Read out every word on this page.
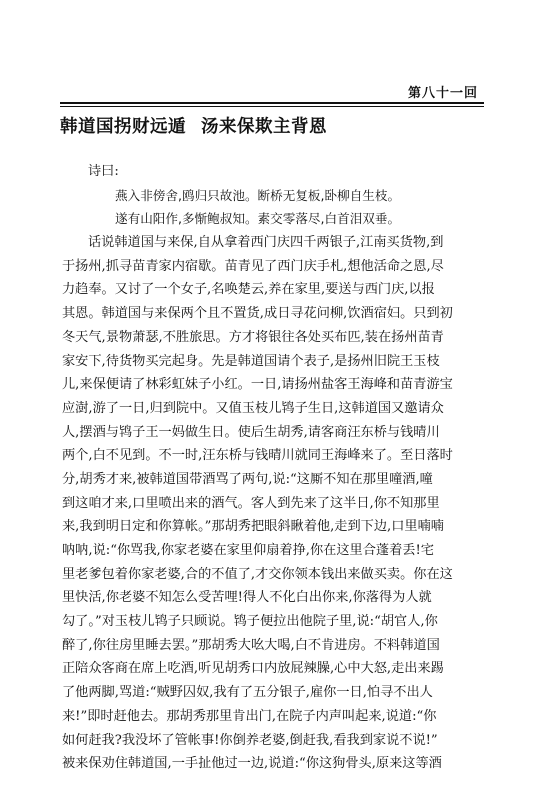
第八十一回
韩道国拐财远遁 汤来保欺主背恩
诗曰:
燕入非傍舍,鸥归只故池。断桥无复板,卧柳自生枝。
遂有山阳作,多惭鲍叔知。素交零落尽,白首泪双垂。
话说韩道国与来保,自从拿着西门庆四千两银子,江南买货物,到
于扬州,抓寻苗青家内宿歇。苗青见了西门庆手札,想他活命之恩,尽
力趋奉。又讨了一个女子,名唤楚云,养在家里,要送与西门庆,以报
其恩。韩道国与来保两个且不置货,成日寻花问柳,饮酒宿妇。只到初
冬天气,景物萧瑟,不胜旅思。方才将银往各处买布匹,装在扬州苗青
家安下,待货物买完起身。先是韩道国请个表子,是扬州旧院王玉枝
儿,来保便请了林彩虹妹子小红。一日,请扬州盐客王海峰和苗青游宝
应澍,游了一日,归到院中。又值玉枝儿鸨子生日,这韩道国又邀请众
人,摆酒与鸨子王一妈做生日。使后生胡秀,请客商汪东桥与钱晴川
两个,白不见到。不一时,汪东桥与钱晴川就同王海峰来了。至日落时
分,胡秀才来,被韩道国带酒骂了两句,说:“这厮不知在那里噇酒,噇
到这咱才来,口里喷出来的酒气。客人到先来了这半日,你不知那里
来,我到明日定和你算帐。”那胡秀把眼斜瞅着他,走到下边,口里喃喃
呐呐,说:“你骂我,你家老婆在家里仰扇着挣,你在这里合蓬着丢!宅
里老爹包着你家老婆,合的不值了,才交你领本钱出来做买卖。你在这
里快活,你老婆不知怎么受苦哩!得人不化白出你来,你落得为人就
勾了。”对玉枝儿鸨子只顾说。鸨子便拉出他院子里,说:“胡官人,你
醉了,你往房里睡去罢。”那胡秀大吆大喝,白不肯进房。不料韩道国
正陪众客商在席上吃酒,听见胡秀口内放屁辣臊,心中大怒,走出来踢
了他两脚,骂道:“贼野囚奴,我有了五分银子,雇你一日,怕寻不出人
来!”即时赶他去。那胡秀那里肯出门,在院子内声叫起来,说道:“你
如何赶我?我没坏了管帐事!你倒养老婆,倒赶我,看我到家说不说!”
被来保劝住韩道国,一手扯他过一边,说道:“你这狗骨头,原来这等酒
